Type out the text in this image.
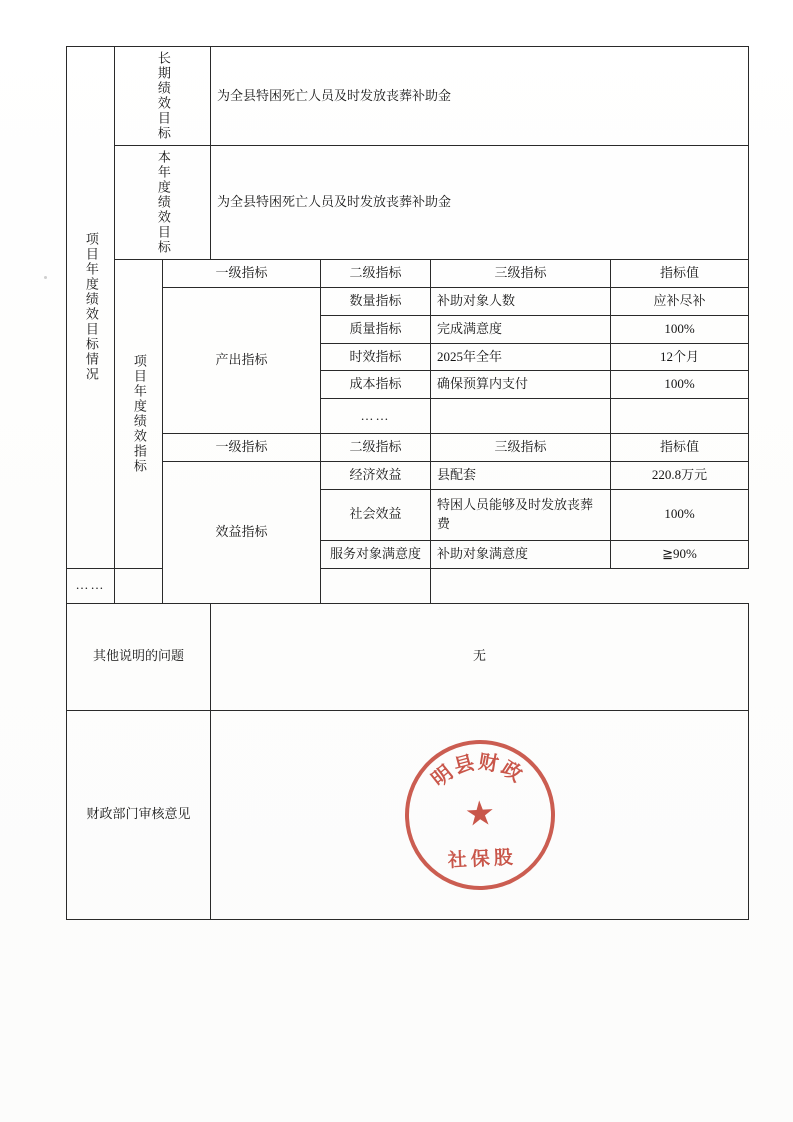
项目年度绩效目标情况	长期绩效目标		为全县特困死亡人员及时发放丧葬补助金			
	本年度绩效目标		为全县特困死亡人员及时发放丧葬补助金			
	项目年度绩效指标	一级指标		二级指标	三级指标	指标值
		产出指标		数量指标	补助对象人数	应补尽补
				质量指标	完成满意度	100%
				时效指标	2025年全年	12个月
				成本指标	确保预算内支付	100%
				……		
		一级指标		二级指标	三级指标	指标值
		效益指标		经济效益	县配套	220.8万元
				社会效益	特困人员能够及时发放丧葬费	100%
				服务对象满意度	补助对象满意度	≧90%
……						
其他说明的问题			无			
财政部门审核意见			明县财政
★
社保股			
